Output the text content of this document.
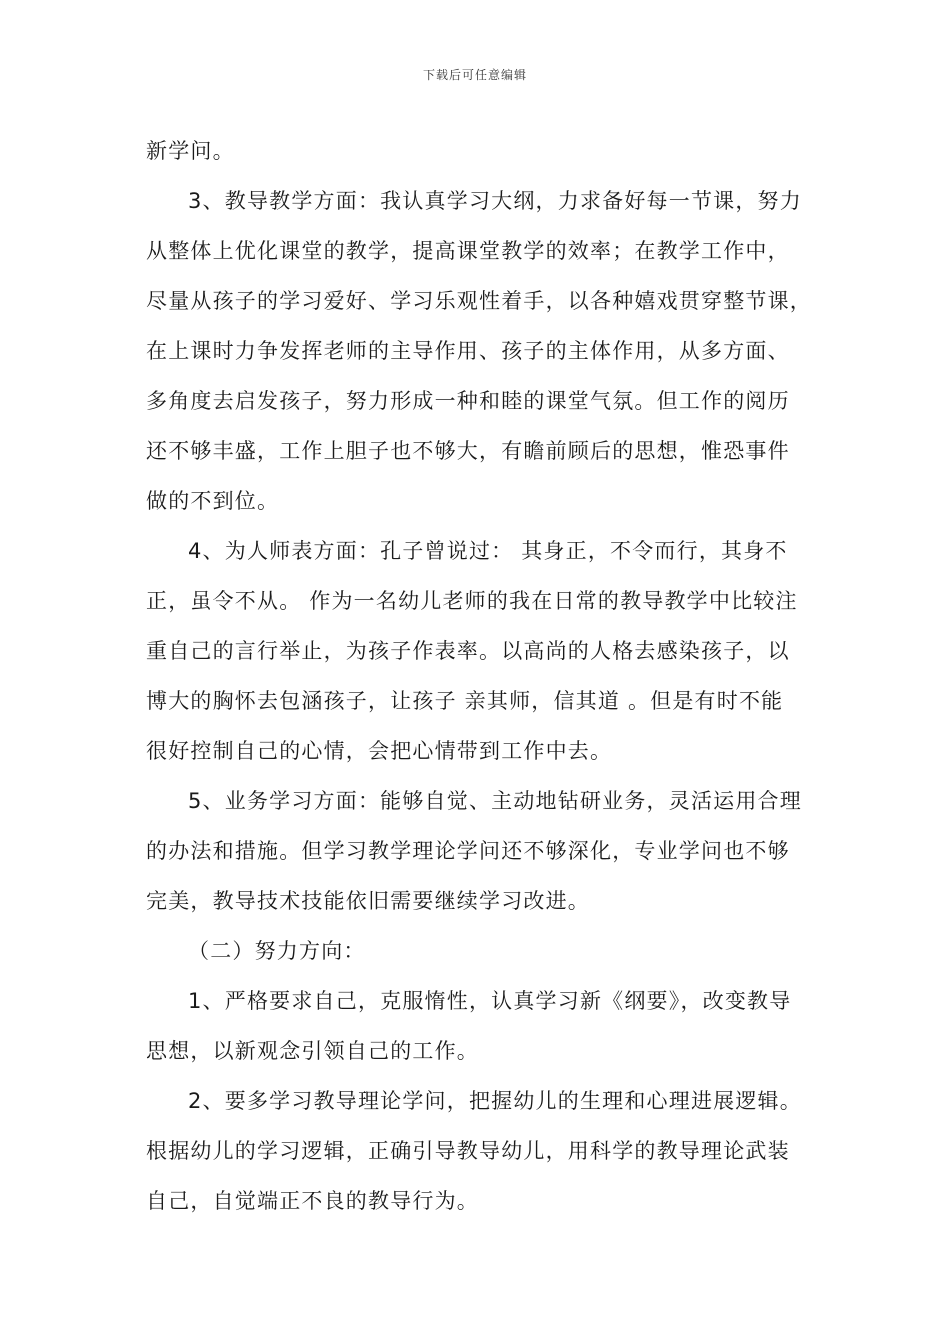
下载后可任意编辑
新学问。
3、教导教学方面：我认真学习大纲，力求备好每一节课，努力
从整体上优化课堂的教学，提高课堂教学的效率；在教学工作中，
尽量从孩子的学习爱好、学习乐观性着手，以各种嬉戏贯穿整节课，
在上课时力争发挥老师的主导作用、孩子的主体作用，从多方面、
多角度去启发孩子，努力形成一种和睦的课堂气氛。但工作的阅历
还不够丰盛，工作上胆子也不够大，有瞻前顾后的思想，惟恐事件
做的不到位。
4、为人师表方面：孔子曾说过： 其身正，不令而行，其身不
正，虽令不从。 作为一名幼儿老师的我在日常的教导教学中比较注
重自己的言行举止，为孩子作表率。以高尚的人格去感染孩子，以
博大的胸怀去包涵孩子，让孩子 亲其师，信其道 。但是有时不能
很好控制自己的心情，会把心情带到工作中去。
5、业务学习方面：能够自觉、主动地钻研业务，灵活运用合理
的办法和措施。但学习教学理论学问还不够深化，专业学问也不够
完美，教导技术技能依旧需要继续学习改进。
（二）努力方向：
1、严格要求自己，克服惰性，认真学习新《纲要》，改变教导
思想，以新观念引领自己的工作。
2、要多学习教导理论学问，把握幼儿的生理和心理进展逻辑。
根据幼儿的学习逻辑，正确引导教导幼儿，用科学的教导理论武装
自己，自觉端正不良的教导行为。
